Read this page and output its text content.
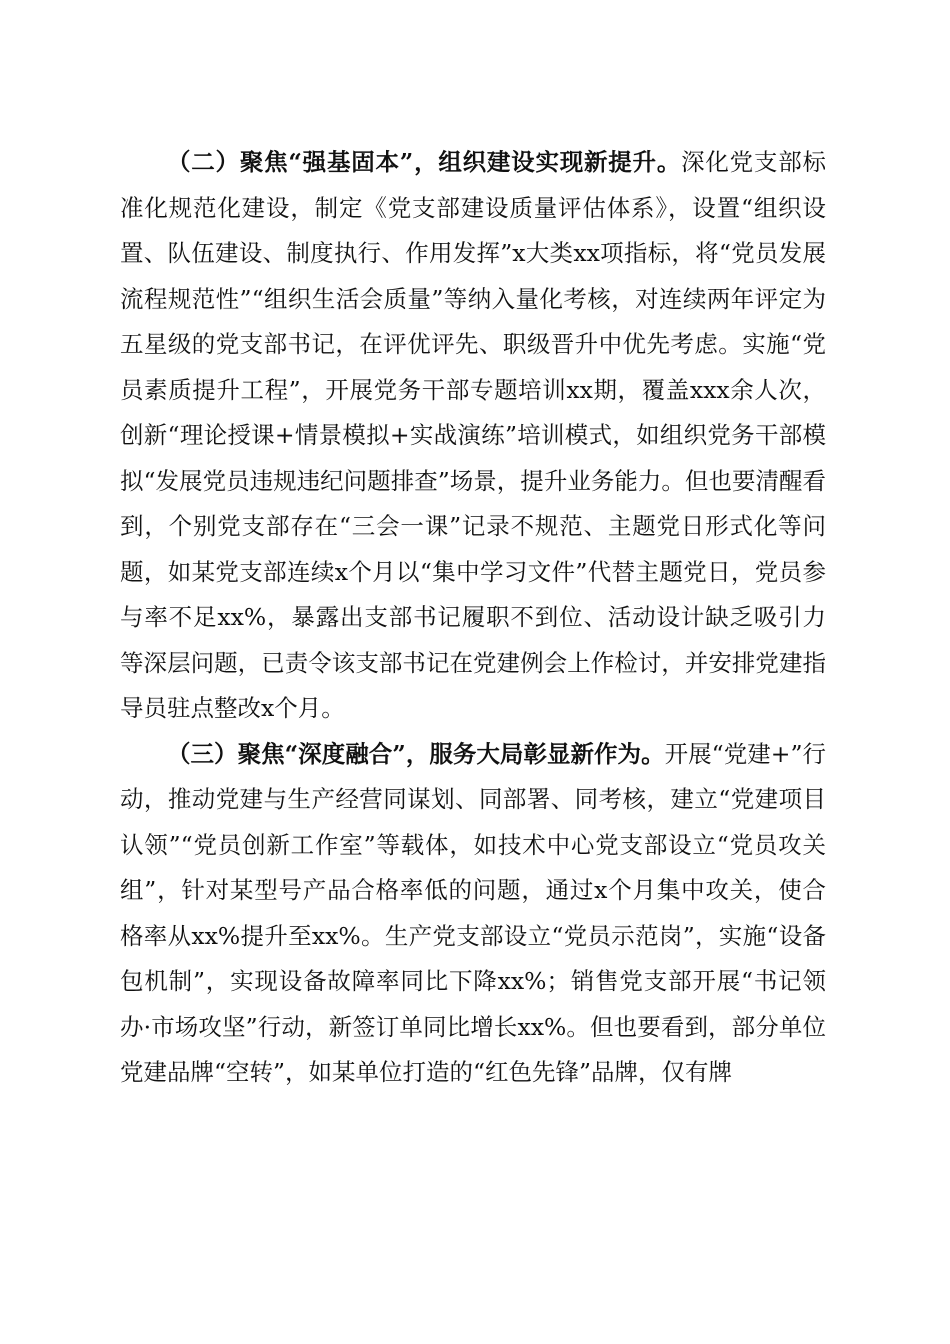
（二）聚焦“强基固本”，组织建设实现新提升。深化党支部标准化规范化建设，制定《党支部建设质量评估体系》，设置“组织设置、队伍建设、制度执行、作用发挥”x大类xx项指标，将“党员发展流程规范性”“组织生活会质量”等纳入量化考核，对连续两年评定为五星级的党支部书记，在评优评先、职级晋升中优先考虑。实施“党员素质提升工程”，开展党务干部专题培训xx期，覆盖xxx余人次，创新“理论授课+情景模拟+实战演练”培训模式，如组织党务干部模拟“发展党员违规违纪问题排查”场景，提升业务能力。但也要清醒看到，个别党支部存在“三会一课”记录不规范、主题党日形式化等问题，如某党支部连续x个月以“集中学习文件”代替主题党日，党员参与率不足xx%，暴露出支部书记履职不到位、活动设计缺乏吸引力等深层问题，已责令该支部书记在党建例会上作检讨，并安排党建指导员驻点整改x个月。

（三）聚焦“深度融合”，服务大局彰显新作为。开展“党建+”行动，推动党建与生产经营同谋划、同部署、同考核，建立“党建项目认领”“党员创新工作室”等载体，如技术中心党支部设立“党员攻关组”，针对某型号产品合格率低的问题，通过x个月集中攻关，使合格率从xx%提升至xx%。生产党支部设立“党员示范岗”，实施“设备包机制”，实现设备故障率同比下降xx%；销售党支部开展“书记领办·市场攻坚”行动，新签订单同比增长xx%。但也要看到，部分单位党建品牌“空转”，如某单位打造的“红色先锋”品牌，仅有牌
